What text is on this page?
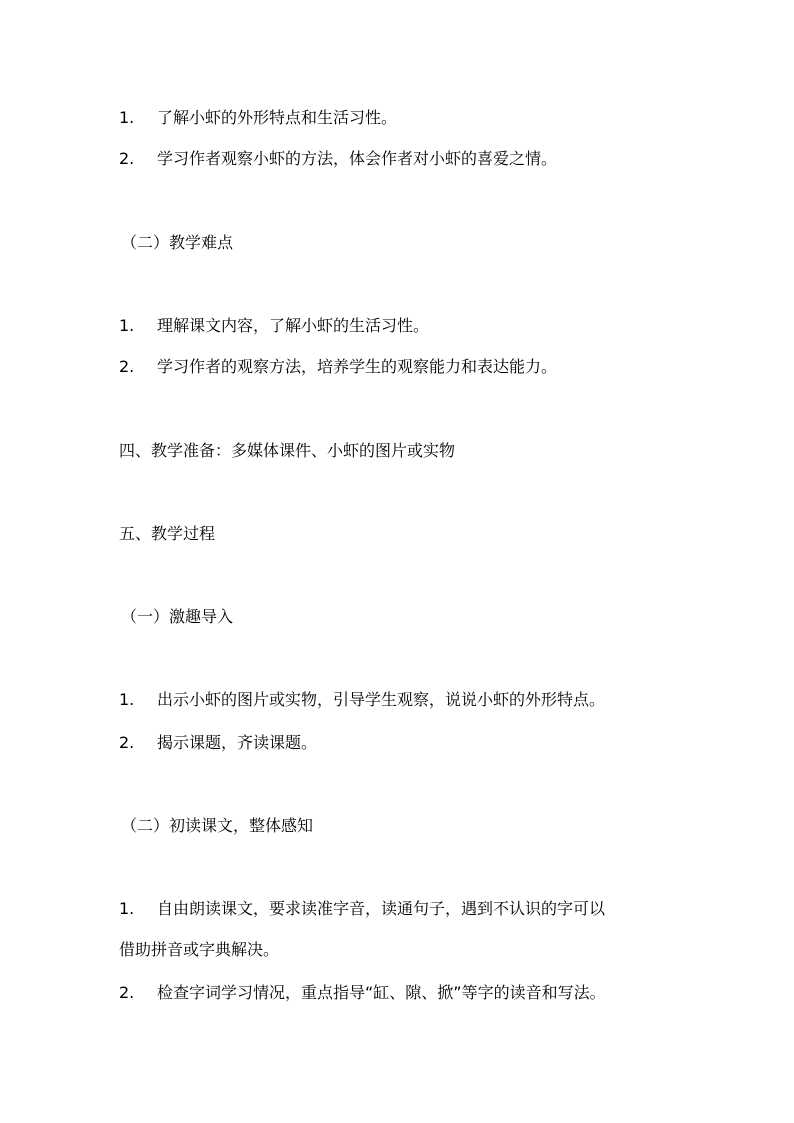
1. 了解小虾的外形特点和生活习性。
2. 学习作者观察小虾的方法，体会作者对小虾的喜爱之情。
（二）教学难点
1. 理解课文内容，了解小虾的生活习性。
2. 学习作者的观察方法，培养学生的观察能力和表达能力。
四、教学准备：多媒体课件、小虾的图片或实物
五、教学过程
（一）激趣导入
1. 出示小虾的图片或实物，引导学生观察，说说小虾的外形特点。
2. 揭示课题，齐读课题。
（二）初读课文，整体感知
1. 自由朗读课文，要求读准字音，读通句子，遇到不认识的字可以
借助拼音或字典解决。
2. 检查字词学习情况，重点指导“缸、隙、掀”等字的读音和写法。
